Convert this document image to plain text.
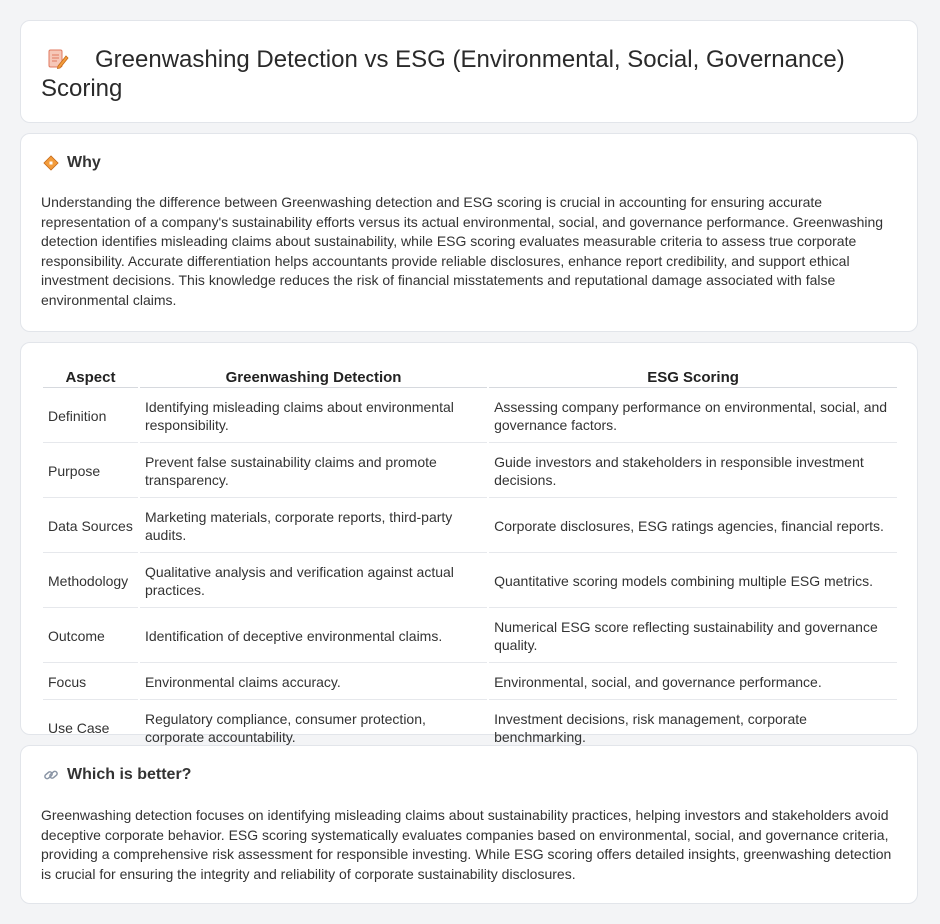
Greenwashing Detection vs ESG (Environmental, Social, Governance) Scoring
Why

Understanding the difference between Greenwashing detection and ESG scoring is crucial in accounting for ensuring accurate representation of a company's sustainability efforts versus its actual environmental, social, and governance performance. Greenwashing detection identifies misleading claims about sustainability, while ESG scoring evaluates measurable criteria to assess true corporate responsibility. Accurate differentiation helps accountants provide reliable disclosures, enhance report credibility, and support ethical investment decisions. This knowledge reduces the risk of financial misstatements and reputational damage associated with false environmental claims.

Aspect	Greenwashing Detection	ESG Scoring
Definition	Identifying misleading claims about environmental responsibility.	Assessing company performance on environmental, social, and governance factors.
Purpose	Prevent false sustainability claims and promote transparency.	Guide investors and stakeholders in responsible investment decisions.
Data Sources	Marketing materials, corporate reports, third-party audits.	Corporate disclosures, ESG ratings agencies, financial reports.
Methodology	Qualitative analysis and verification against actual practices.	Quantitative scoring models combining multiple ESG metrics.
Outcome	Identification of deceptive environmental claims.	Numerical ESG score reflecting sustainability and governance quality.
Focus	Environmental claims accuracy.	Environmental, social, and governance performance.
Use Case	Regulatory compliance, consumer protection, corporate accountability.	Investment decisions, risk management, corporate benchmarking.
Which is better?

Greenwashing detection focuses on identifying misleading claims about sustainability practices, helping investors and stakeholders avoid deceptive corporate behavior. ESG scoring systematically evaluates companies based on environmental, social, and governance criteria, providing a comprehensive risk assessment for responsible investing. While ESG scoring offers detailed insights, greenwashing detection is crucial for ensuring the integrity and reliability of corporate sustainability disclosures.
